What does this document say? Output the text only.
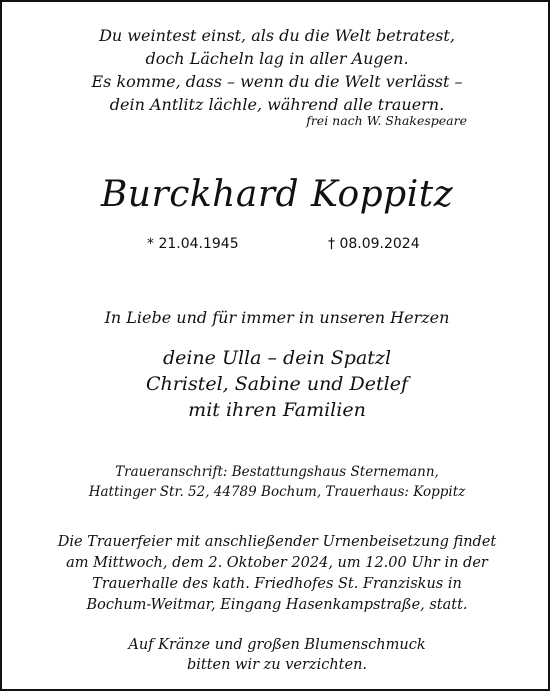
Du weintest einst, als du die Welt betratest,
doch Lächeln lag in aller Augen.
Es komme, dass – wenn du die Welt verlässt –
dein Antlitz lächle, während alle trauern.
frei nach W. Shakespeare
Burckhard Koppitz
* 21.04.1945	† 08.09.2024
In Liebe und für immer in unseren Herzen
deine Ulla – dein Spatzl
Christel, Sabine und Detlef
mit ihren Familien
Traueranschrift: Bestattungshaus Sternemann,
Hattinger Str. 52, 44789 Bochum, Trauerhaus: Koppitz
Die Trauerfeier mit anschließender Urnenbeisetzung findet
am Mittwoch, dem 2. Oktober 2024, um 12.00 Uhr in der
Trauerhalle des kath. Friedhofes St. Franziskus in
Bochum-Weitmar, Eingang Hasenkampstraße, statt.
Auf Kränze und großen Blumenschmuck
bitten wir zu verzichten.
